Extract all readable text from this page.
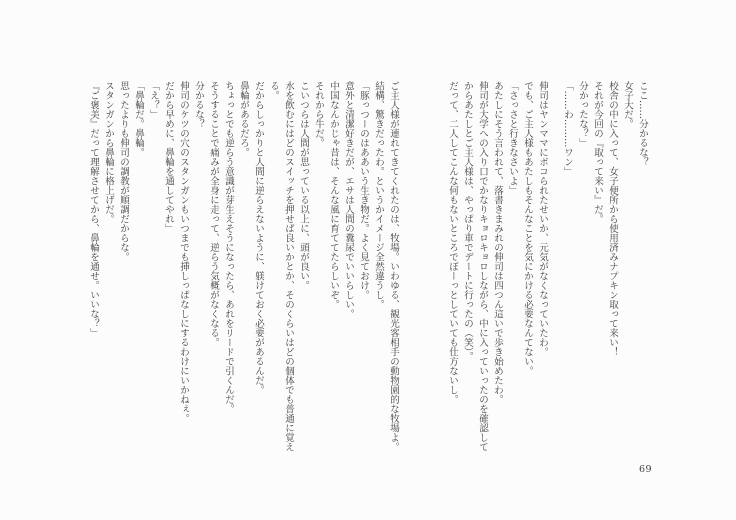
ここ……分かるな？

女子大だ。

校舎の中に入って、女子便所から使用済みナプキン取って来い！

それが今回の『取って来い』だ。

分かったな？」

「……わ………ワン」

伸司はヤンママにボコられたせいか、元気がなくなっていたわ。

でも、ご主人様もあたしもそんなことを気にかける必要なんてない。

「さっさと行きなさいよ」

あたしにそう言われて、落書きまみれの伸司は四つん這いで歩き始めたわ。

伸司が大学への入り口でかなりキョロキョロしながら、中に入っていったのを確認してからあたしとご主人様は、やっぱり車でデートに行ったの（笑）。

だって、二人してこんな何もないところでぼーっとしていても仕方ないし。

ご主人様が連れてきてくれたのは、牧場。いわゆる、観光客相手の動物園的な牧場よ。

結構、驚きだったわ。というかイメージ全然違うし。

「豚っつーのはああいう生き物だ。よく見ておけ。

意外と清潔好きだが、エサは人間の糞尿でいいらしい。

中国なんかじゃ昔は、そんな風に育ててたらしいぞ。

それから牛だ。

こいつらは人間が思っている以上に、頭が良い。

水を飲むにはどのスイッチを押せば良いかとか、そのくらいはどの個体でも普通に覚える。

だからしっかりと人間に逆らえないように、躾けておく必要があるんだ。

鼻輪があるだろ。

ちょっとでも逆らう意識が芽生えそうになったら、あれをリードで引くんだ。

そうすることで痛みが全身に走って、逆らう気概がなくなる。

分かるな？

伸司のケツの穴のスタンガンもいつまでも挿しっぱなしにするわけにいかねぇ。

だから早めに、鼻輪を通してやれ」

「え？」

「鼻輪だ。鼻輪。

思ったよりも伸司の調教が順調だからな。

スタンガンから鼻輪に格上げだ。

『ご褒美』だって理解させてから、鼻輪を通せ。いいな？」

69
